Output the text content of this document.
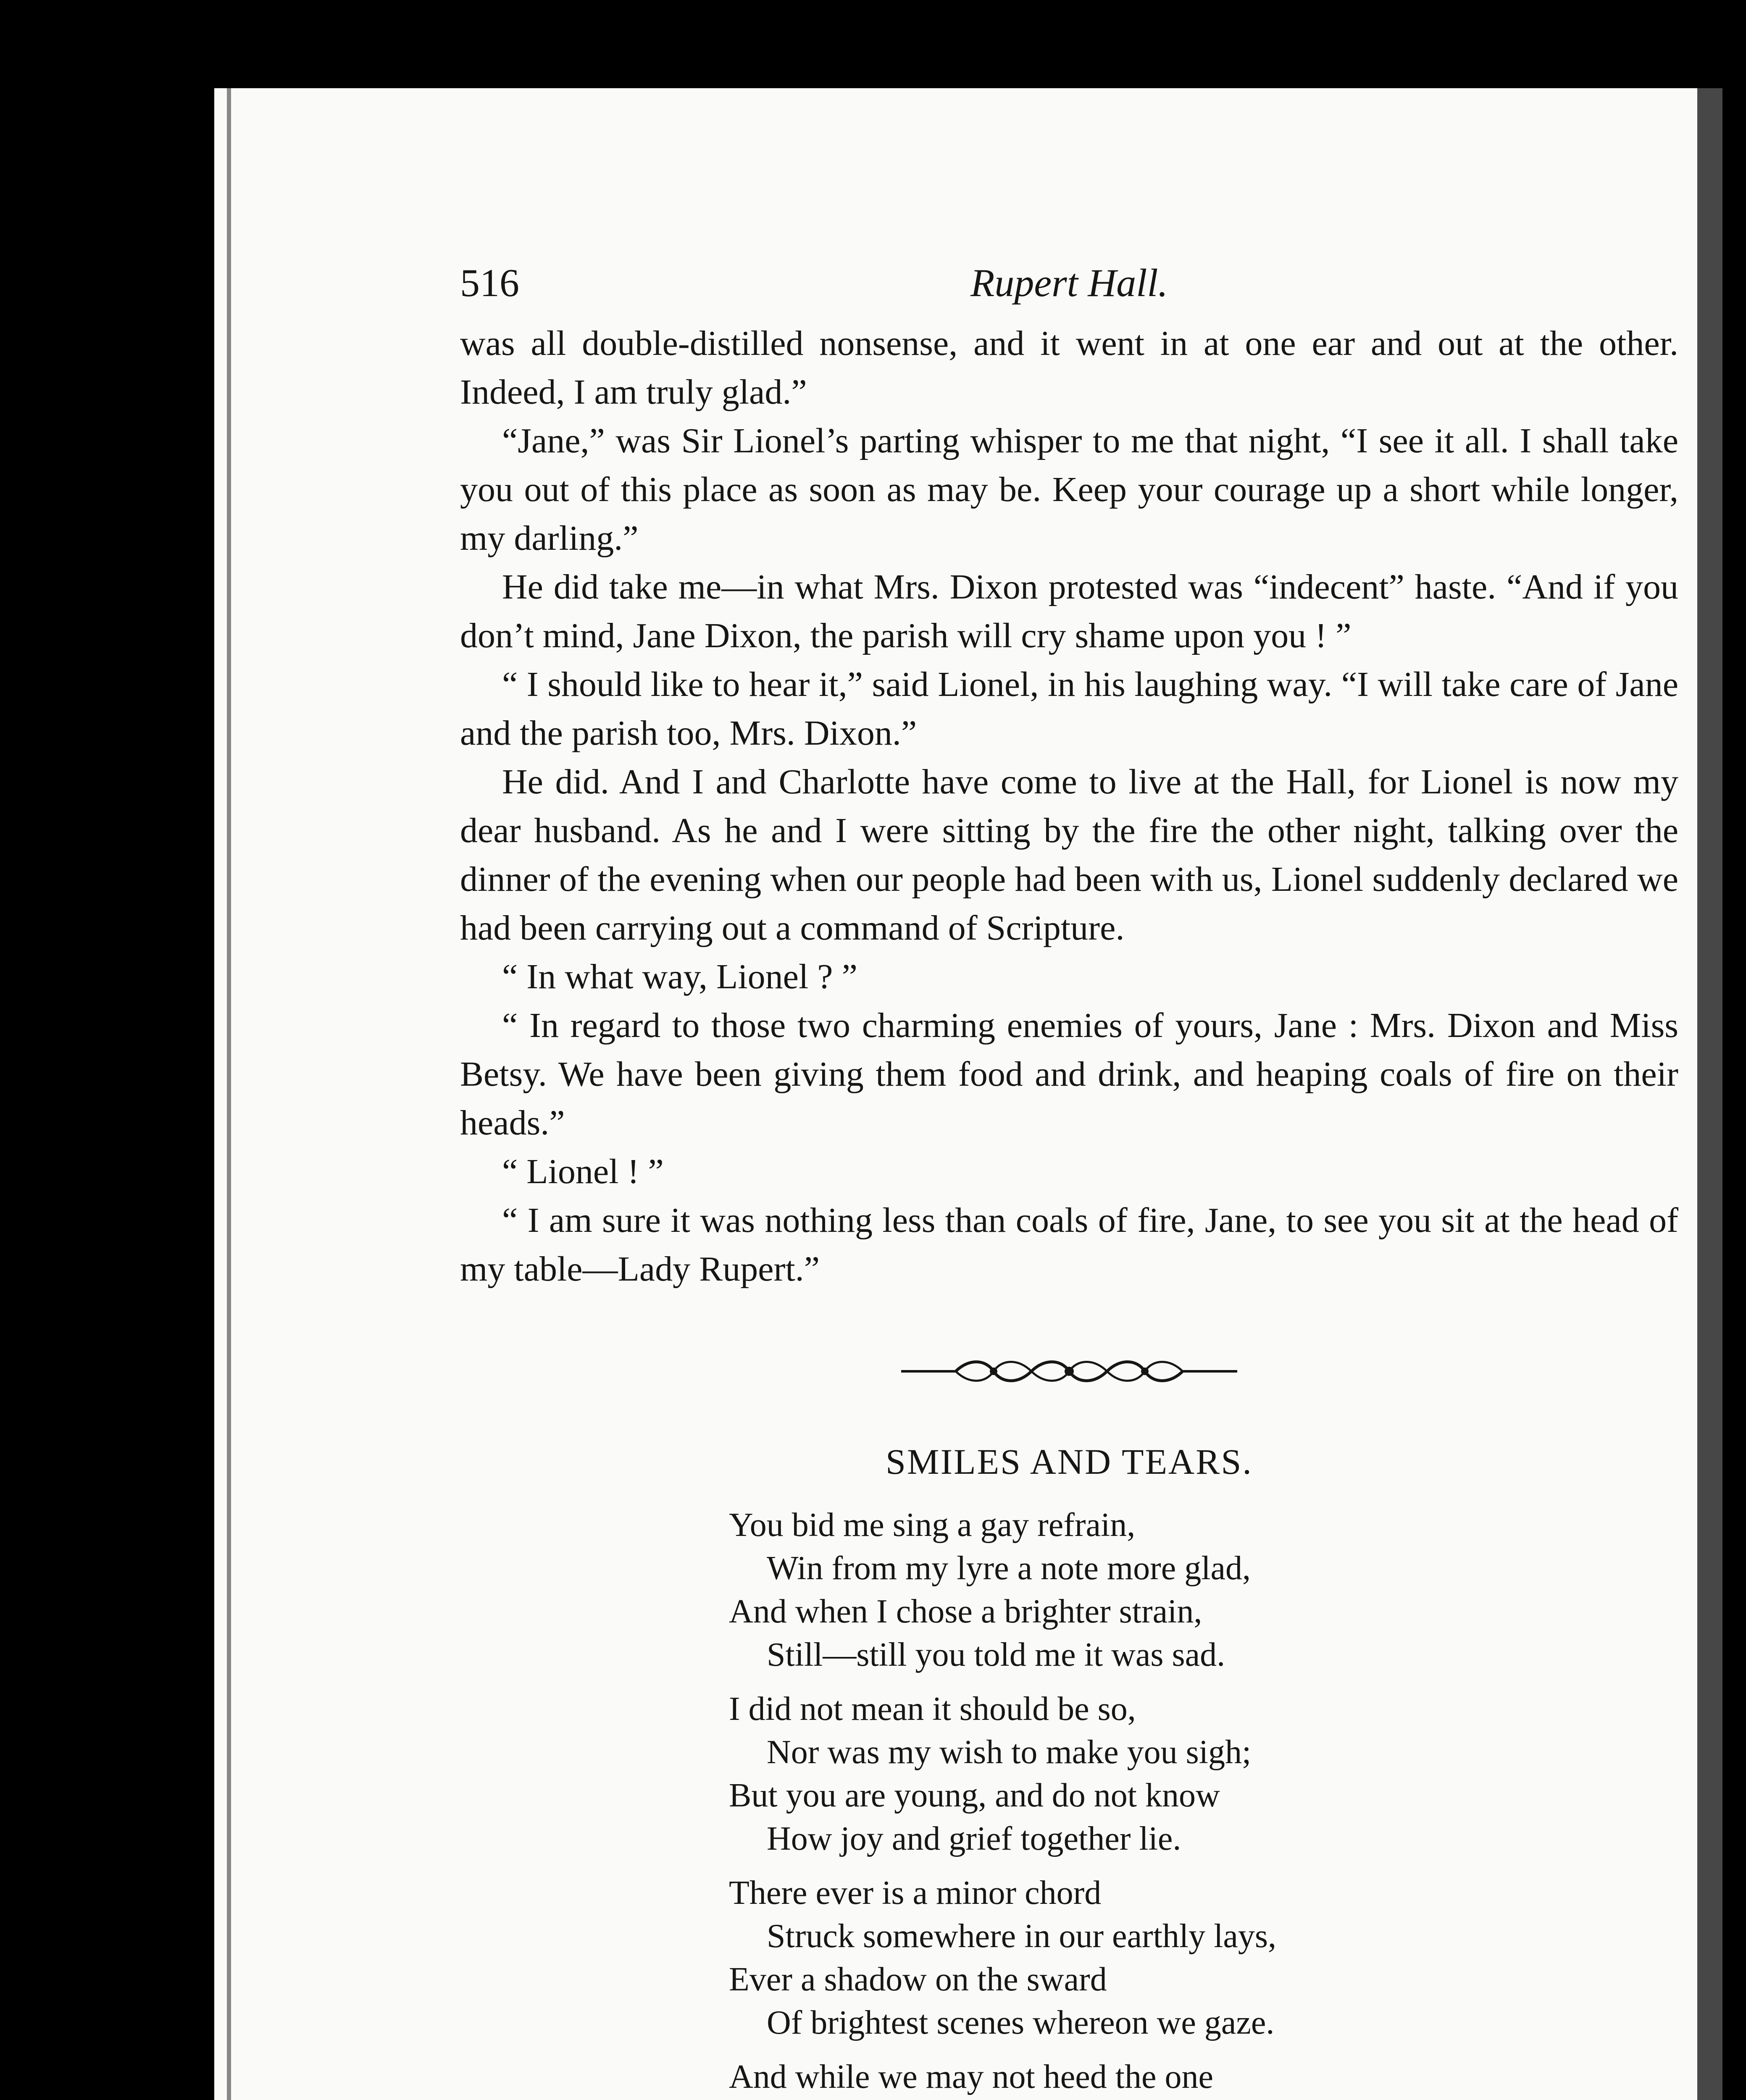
516	Rupert Hall.

was all double-distilled nonsense, and it went in at one ear and out at the other. Indeed, I am truly glad.”

“Jane,” was Sir Lionel’s parting whisper to me that night, “I see it all. I shall take you out of this place as soon as may be. Keep your courage up a short while longer, my darling.”

He did take me—in what Mrs. Dixon protested was “indecent” haste. “And if you don’t mind, Jane Dixon, the parish will cry shame upon you ! ”

“ I should like to hear it,” said Lionel, in his laughing way. “I will take care of Jane and the parish too, Mrs. Dixon.”

He did. And I and Charlotte have come to live at the Hall, for Lionel is now my dear husband. As he and I were sitting by the fire the other night, talking over the dinner of the evening when our people had been with us, Lionel suddenly declared we had been carrying out a command of Scripture.

“ In what way, Lionel ? ”

“ In regard to those two charming enemies of yours, Jane : Mrs. Dixon and Miss Betsy. We have been giving them food and drink, and heaping coals of fire on their heads.”

“ Lionel ! ”

“ I am sure it was nothing less than coals of fire, Jane, to see you sit at the head of my table—Lady Rupert.”

SMILES AND TEARS.
You bid me sing a gay refrain,
Win from my lyre a note more glad,
And when I chose a brighter strain,
Still—still you told me it was sad.
I did not mean it should be so,
Nor was my wish to make you sigh;
But you are young, and do not know
How joy and grief together lie.
There ever is a minor chord
Struck somewhere in our earthly lays,
Ever a shadow on the sward
Of brightest scenes whereon we gaze.
And while we may not heed the one
